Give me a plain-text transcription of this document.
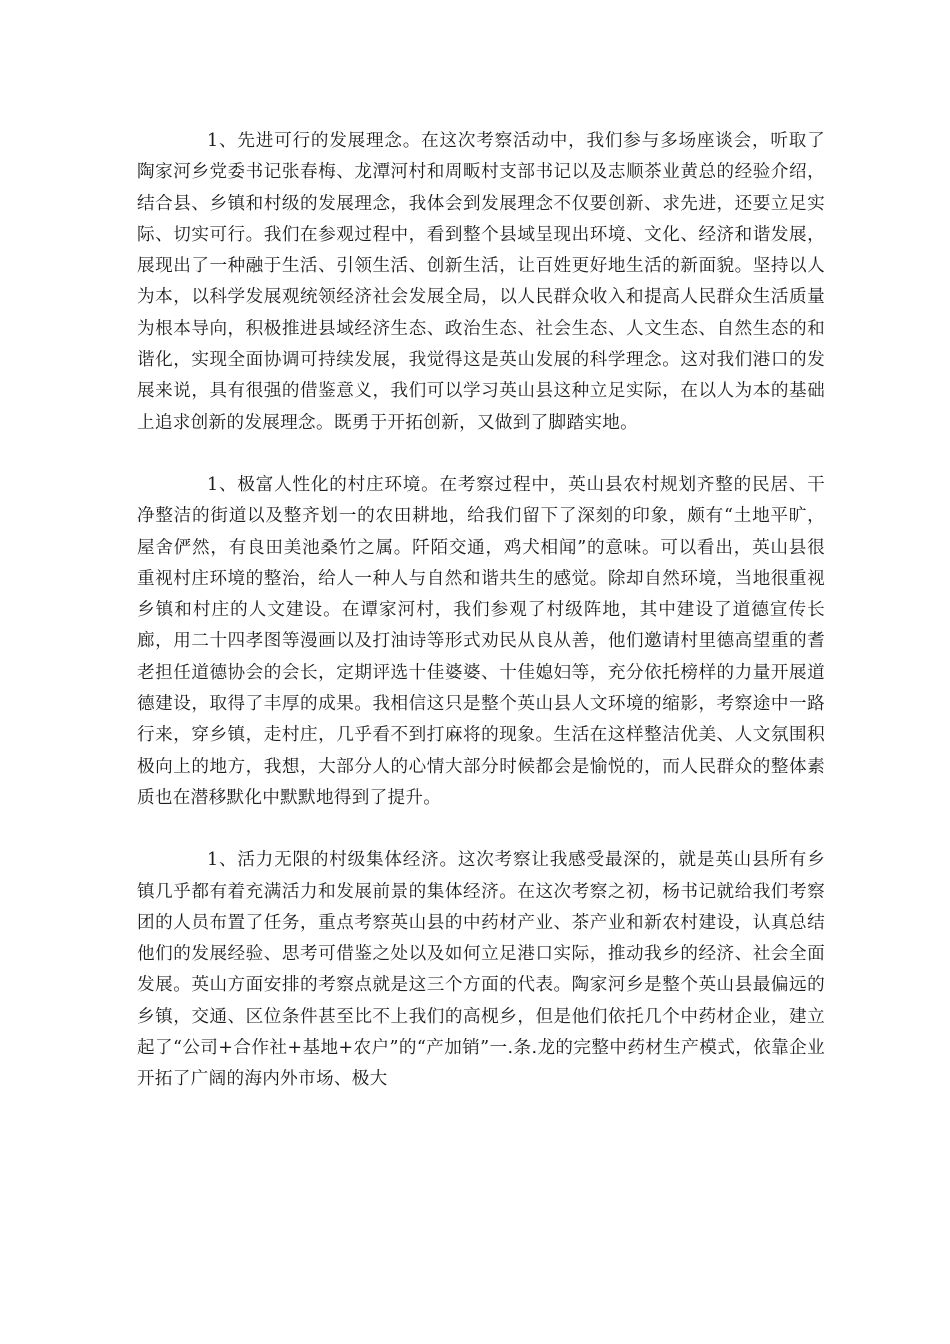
1、先进可行的发展理念。在这次考察活动中，我们参与多场座谈会，听取了陶家河乡党委书记张春梅、龙潭河村和周畈村支部书记以及志顺茶业黄总的经验介绍，结合县、乡镇和村级的发展理念，我体会到发展理念不仅要创新、求先进，还要立足实际、切实可行。我们在参观过程中，看到整个县域呈现出环境、文化、经济和谐发展，展现出了一种融于生活、引领生活、创新生活，让百姓更好地生活的新面貌。坚持以人为本，以科学发展观统领经济社会发展全局，以人民群众收入和提高人民群众生活质量为根本导向，积极推进县域经济生态、政治生态、社会生态、人文生态、自然生态的和谐化，实现全面协调可持续发展，我觉得这是英山发展的科学理念。这对我们港口的发展来说，具有很强的借鉴意义，我们可以学习英山县这种立足实际，在以人为本的基础上追求创新的发展理念。既勇于开拓创新，又做到了脚踏实地。

1、极富人性化的村庄环境。在考察过程中，英山县农村规划齐整的民居、干净整洁的街道以及整齐划一的农田耕地，给我们留下了深刻的印象，颇有“土地平旷，屋舍俨然，有良田美池桑竹之属。阡陌交通，鸡犬相闻”的意味。可以看出，英山县很重视村庄环境的整治，给人一种人与自然和谐共生的感觉。除却自然环境，当地很重视乡镇和村庄的人文建设。在谭家河村，我们参观了村级阵地，其中建设了道德宣传长廊，用二十四孝图等漫画以及打油诗等形式劝民从良从善，他们邀请村里德高望重的耆老担任道德协会的会长，定期评选十佳婆婆、十佳媳妇等，充分依托榜样的力量开展道德建设，取得了丰厚的成果。我相信这只是整个英山县人文环境的缩影，考察途中一路行来，穿乡镇，走村庄，几乎看不到打麻将的现象。生活在这样整洁优美、人文氛围积极向上的地方，我想，大部分人的心情大部分时候都会是愉悦的，而人民群众的整体素质也在潜移默化中默默地得到了提升。

1、活力无限的村级集体经济。这次考察让我感受最深的，就是英山县所有乡镇几乎都有着充满活力和发展前景的集体经济。在这次考察之初，杨书记就给我们考察团的人员布置了任务，重点考察英山县的中药材产业、茶产业和新农村建设，认真总结他们的发展经验、思考可借鉴之处以及如何立足港口实际，推动我乡的经济、社会全面发展。英山方面安排的考察点就是这三个方面的代表。陶家河乡是整个英山县最偏远的乡镇，交通、区位条件甚至比不上我们的高枧乡，但是他们依托几个中药材企业，建立起了“公司+合作社+基地+农户”的“产加销”一.条.龙的完整中药材生产模式，依靠企业开拓了广阔的海内外市场、极大
